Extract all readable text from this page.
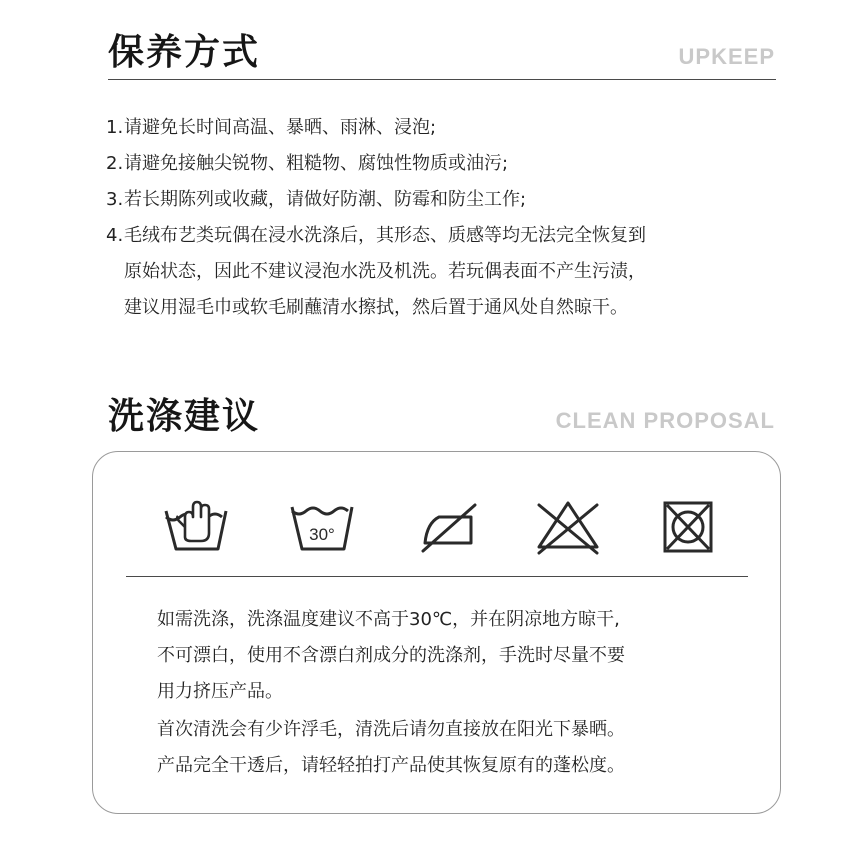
保养方式	UPKEEP
1. 请避免长时间高温、暴晒、雨淋、浸泡;
2. 请避免接触尖锐物、粗糙物、腐蚀性物质或油污;
3. 若长期陈列或收藏，请做好防潮、防霉和防尘工作;
4. 毛绒布艺类玩偶在浸水洗涤后，其形态、质感等均无法完全恢复到
原始状态，因此不建议浸泡水洗及机洗。若玩偶表面不产生污渍，
建议用湿毛巾或软毛刷蘸清水擦拭，然后置于通风处自然晾干。
洗涤建议	CLEAN PROPOSAL
30°
如需洗涤，洗涤温度建议不高于30℃，并在阴凉地方晾干,
不可漂白，使用不含漂白剂成分的洗涤剂，手洗时尽量不要
用力挤压产品。
首次清洗会有少许浮毛，清洗后请勿直接放在阳光下暴晒。
产品完全干透后，请轻轻拍打产品使其恢复原有的蓬松度。
